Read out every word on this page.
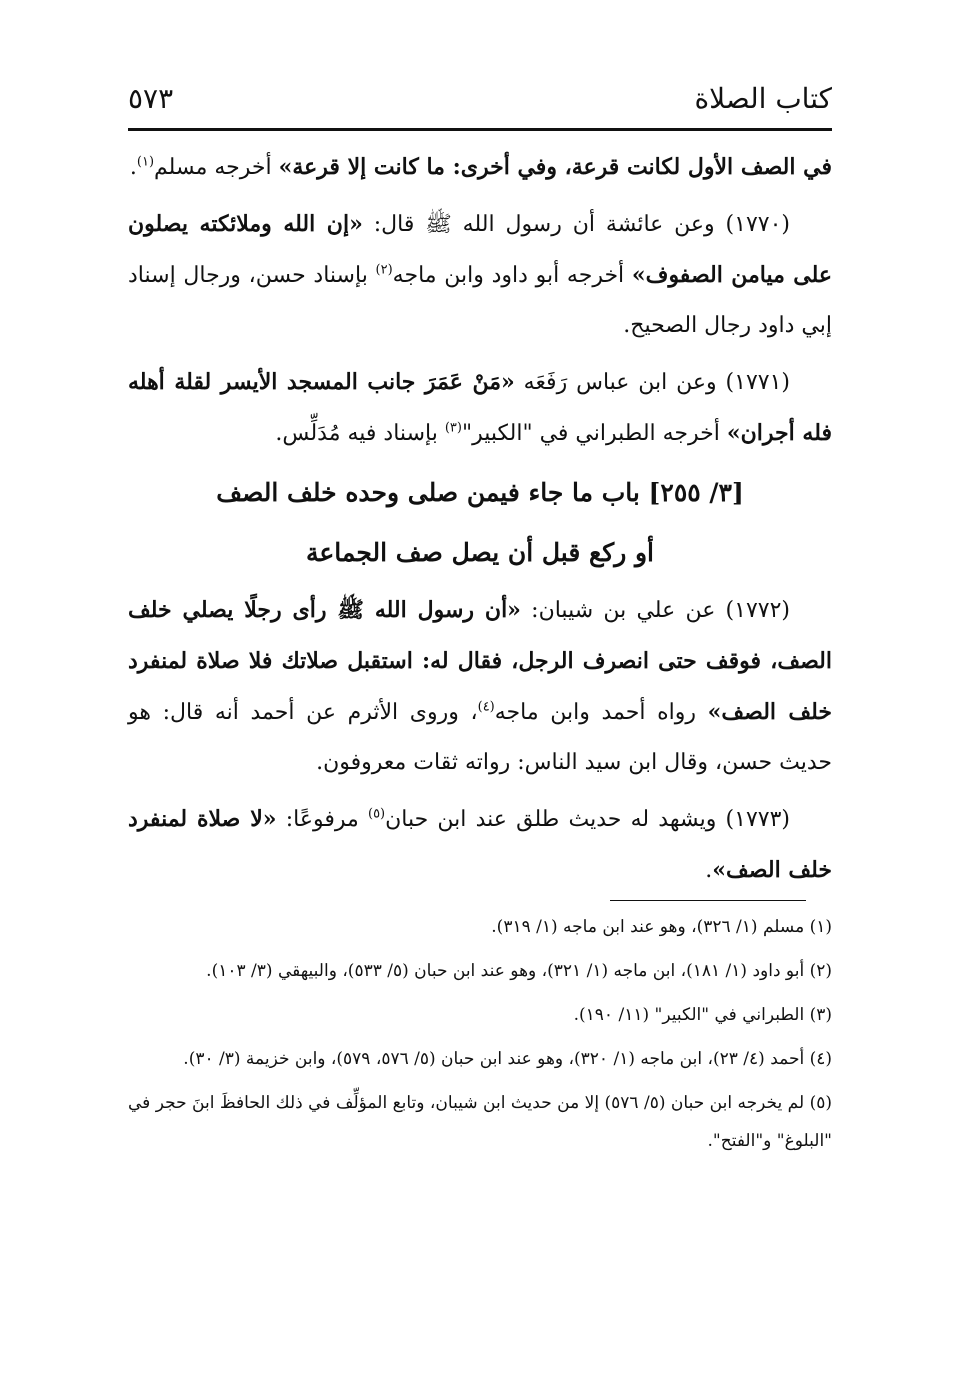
كتاب الصلاة
٥٧٣

في الصف الأول لكانت قرعة، وفي أخرى: ما كانت إلا قرعة» أخرجه مسلم$^{(١)}$.

(١٧٧٠) وعن عائشة أن رسول الله ﷺ قال: «إن الله وملائكته يصلون على ميامن الصفوف» أخرجه أبو داود وابن ماجه$^{(٢)}$ بإسناد حسن، ورجال إسناد إبي داود رجال الصحيح.

(١٧٧١) وعن ابن عباس رَفَعَه «مَنْ عَمَرَ جانب المسجد الأيسر لقلة أهله فله أجران» أخرجه الطبراني في "الكبير"$^{(٣)}$ بإسناد فيه مُدَلِّس.

[٣/ ٢٥٥] باب ما جاء فيمن صلى وحده خلف الصف
أو ركع قبل أن يصل صف الجماعة

(١٧٧٢) عن علي بن شيبان: «أن رسول الله ﷺ رأى رجلًا يصلي خلف الصف، فوقف حتى انصرف الرجل، فقال له: استقبل صلاتك فلا صلاة لمنفرد خلف الصف» رواه أحمد وابن ماجه$^{(٤)}$، وروى الأثرم عن أحمد أنه قال: هو حديث حسن، وقال ابن سيد الناس: رواته ثقات معروفون.

(١٧٧٣) ويشهد له حديث طلق عند ابن حبان$^{(٥)}$ مرفوعًا: «لا صلاة لمنفرد خلف الصف».

(١) مسلم (١/ ٣٢٦)، وهو عند ابن ماجه (١/ ٣١٩).

(٢) أبو داود (١/ ١٨١)، ابن ماجه (١/ ٣٢١)، وهو عند ابن حبان (٥/ ٥٣٣)، والبيهقي (٣/ ١٠٣).

(٣) الطبراني في "الكبير" (١١/ ١٩٠).

(٤) أحمد (٤/ ٢٣)، ابن ماجه (١/ ٣٢٠)، وهو عند ابن حبان (٥/ ٥٧٦، ٥٧٩)، وابن خزيمة (٣/ ٣٠).

(٥) لم يخرجه ابن حبان (٥/ ٥٧٦) إلا من حديث ابن شيبان، وتابع المؤلِّف في ذلك الحافظَ ابنَ حجر في "البلوغ" و"الفتح".
